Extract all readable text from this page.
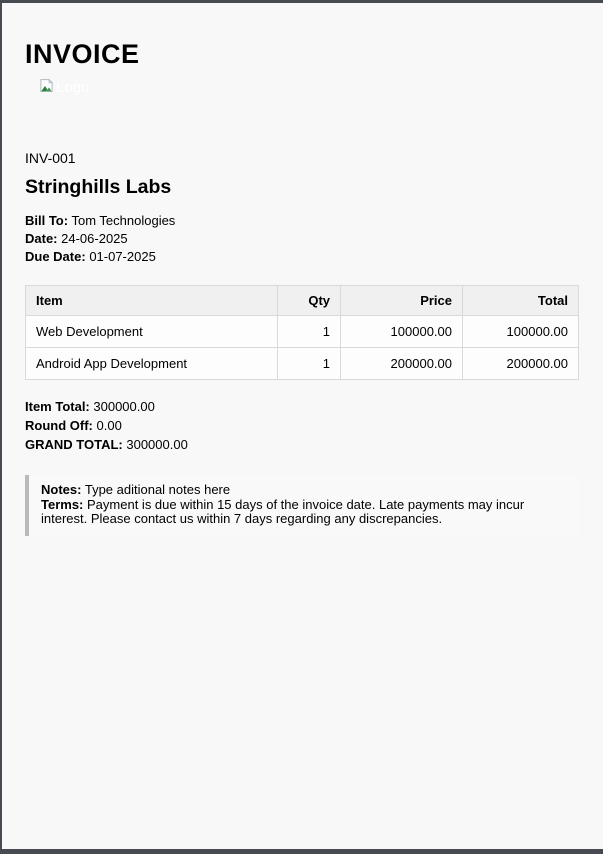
INVOICE
Logo

INV-001

Stringhills Labs

Bill To: Tom Technologies

Date: 24-06-2025

Due Date: 01-07-2025

Item	Qty	Price	Total
Web Development	1	100000.00	100000.00
Android App Development	1	200000.00	200000.00

Item Total: 300000.00

Round Off: 0.00

GRAND TOTAL: 300000.00

Notes: Type aditional notes here

Terms: Payment is due within 15 days of the invoice date. Late payments may incur interest. Please contact us within 7 days regarding any discrepancies.
